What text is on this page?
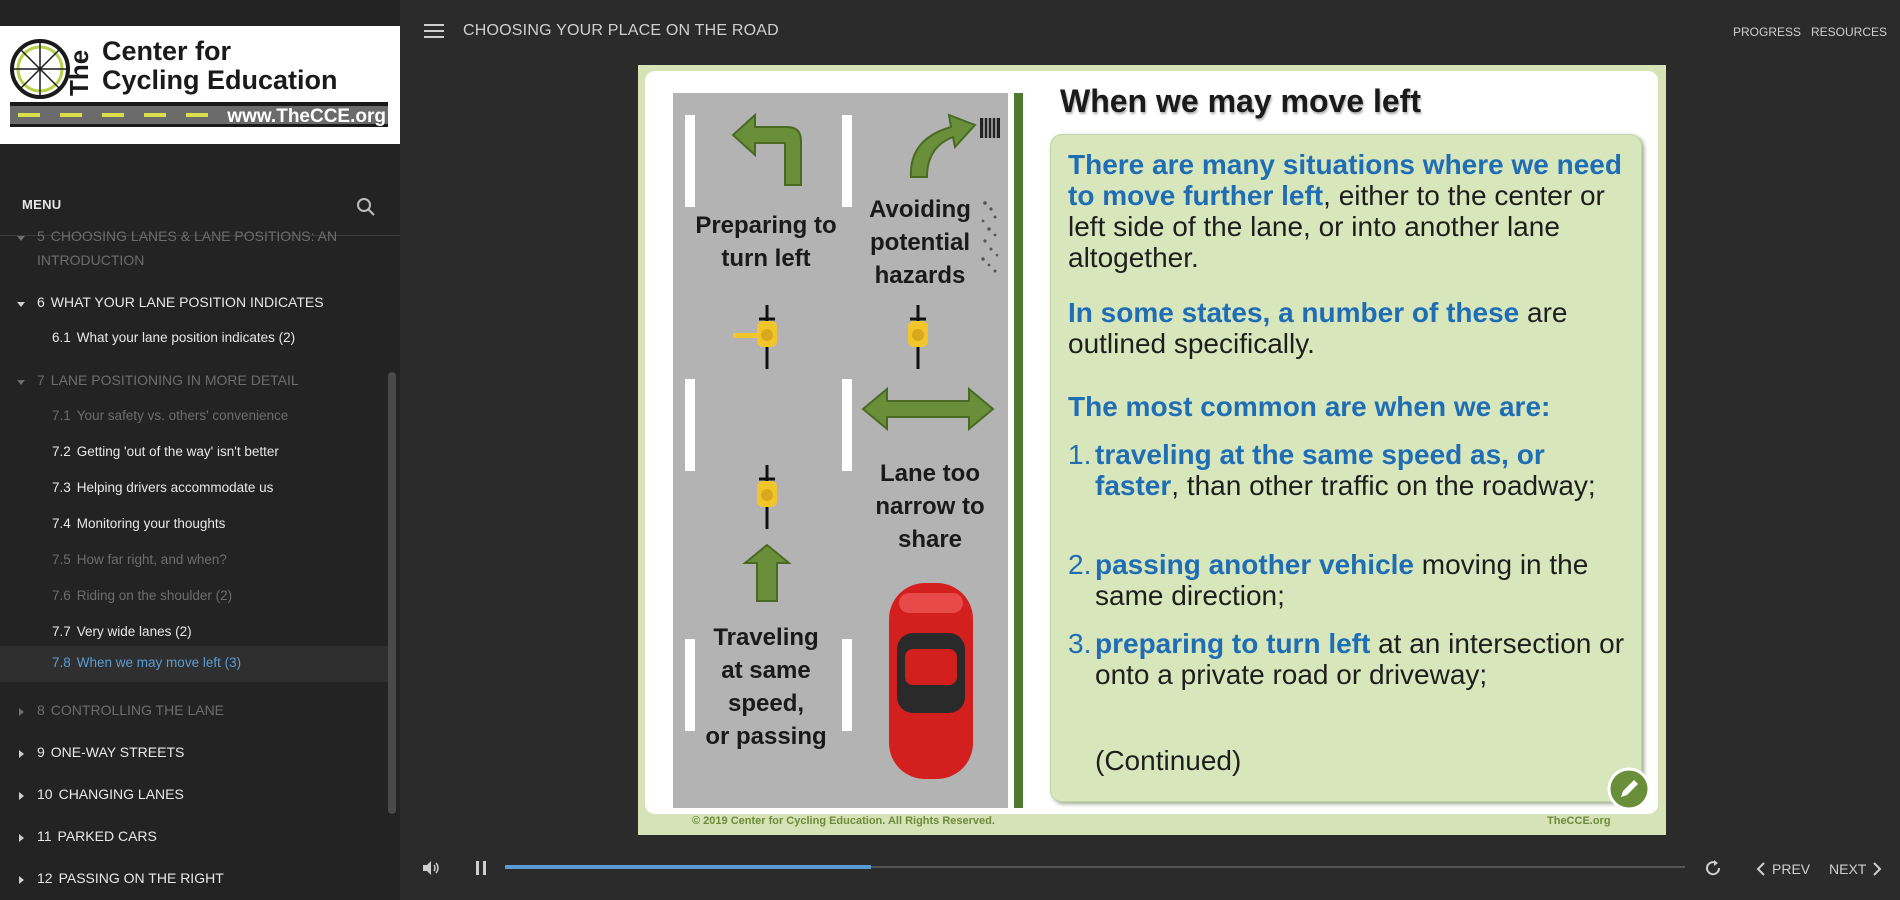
The Center for
Cycling Education
www.TheCCE.org
MENU
5 CHOOSING LANES & LANE POSITIONS: AN
INTRODUCTION
6 WHAT YOUR LANE POSITION INDICATES
6.1 What your lane position indicates (2)
7 LANE POSITIONING IN MORE DETAIL
7.1 Your safety vs. others' convenience
7.2 Getting 'out of the way' isn't better
7.3 Helping drivers accommodate us
7.4 Monitoring your thoughts
7.5 How far right, and when?
7.6 Riding on the shoulder (2)
7.7 Very wide lanes (2)
7.8 When we may move left (3)
8 CONTROLLING THE LANE
9 ONE-WAY STREETS
10 CHANGING LANES
11 PARKED CARS
12 PASSING ON THE RIGHT
CHOOSING YOUR PLACE ON THE ROAD	PROGRESS RESOURCES
Preparing to
turn left
Avoiding
potential
hazards
Lane too
narrow to
share
Traveling
at same
speed,
or passing
When we may move left
There are many situations where we need to move further left, either to the center or left side of the lane, or into another lane altogether.
In some states, a number of these are outlined specifically.
The most common are when we are:
1. traveling at the same speed as, or faster, than other traffic on the roadway;
2. passing another vehicle moving in the same direction;
3. preparing to turn left at an intersection or onto a private road or driveway;
(Continued)
© 2019 Center for Cycling Education. All Rights Reserved.	TheCCE.org
PREV NEXT
